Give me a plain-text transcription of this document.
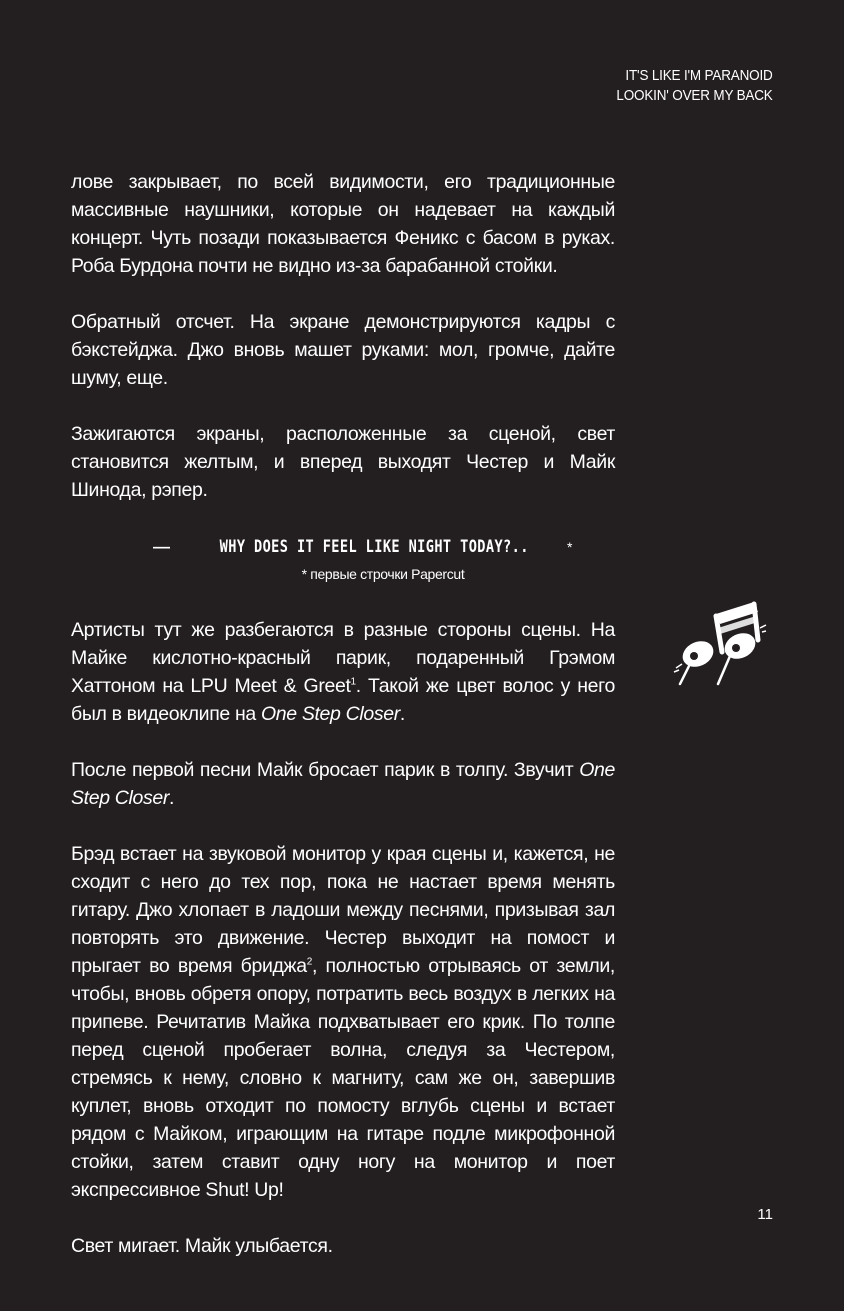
IT'S LIKE I'M PARANOID
LOOKIN' OVER MY BACK

лове закрывает, по всей видимости, его традиционные массивные наушники, которые он надевает на каждый концерт. Чуть позади показывается Феникс с басом в руках. Роба Бурдона почти не видно из-за барабанной стойки.

Обратный отсчет. На экране демонстрируются кадры с бэкстейджа. Джо вновь машет руками: мол, громче, дайте шуму, еще.

Зажигаются экраны, расположенные за сценой, свет становится желтым, и вперед выходят Честер и Майк Шинода, рэпер.

—	WHY DOES IT FEEL LIKE NIGHT TODAY?..	*
* первые строчки Papercut

Артисты тут же разбегаются в разные стороны сцены. На Майке кислотно-красный парик, подаренный Грэмом Хаттоном на LPU Meet & Greet$^1$. Такой же цвет волос у него был в видеоклипе на One Step Closer.

После первой песни Майк бросает парик в толпу. Звучит One Step Closer.

Брэд встает на звуковой монитор у края сцены и, кажется, не сходит с него до тех пор, пока не настает время менять гитару. Джо хлопает в ладоши между песнями, призывая зал повторять это движение. Честер выходит на помост и прыгает во время бриджа$^2$, полностью отрываясь от земли, чтобы, вновь обретя опору, потратить весь воздух в легких на припеве. Речитатив Майка подхватывает его крик. По толпе перед сценой пробегает волна, следуя за Честером, стремясь к нему, словно к магниту, сам же он, завершив куплет, вновь отходит по помосту вглубь сцены и встает рядом с Майком, играющим на гитаре подле микрофонной стойки, затем ставит одну ногу на монитор и поет экспрессивное Shut! Up!

Свет мигает. Майк улыбается.

11
